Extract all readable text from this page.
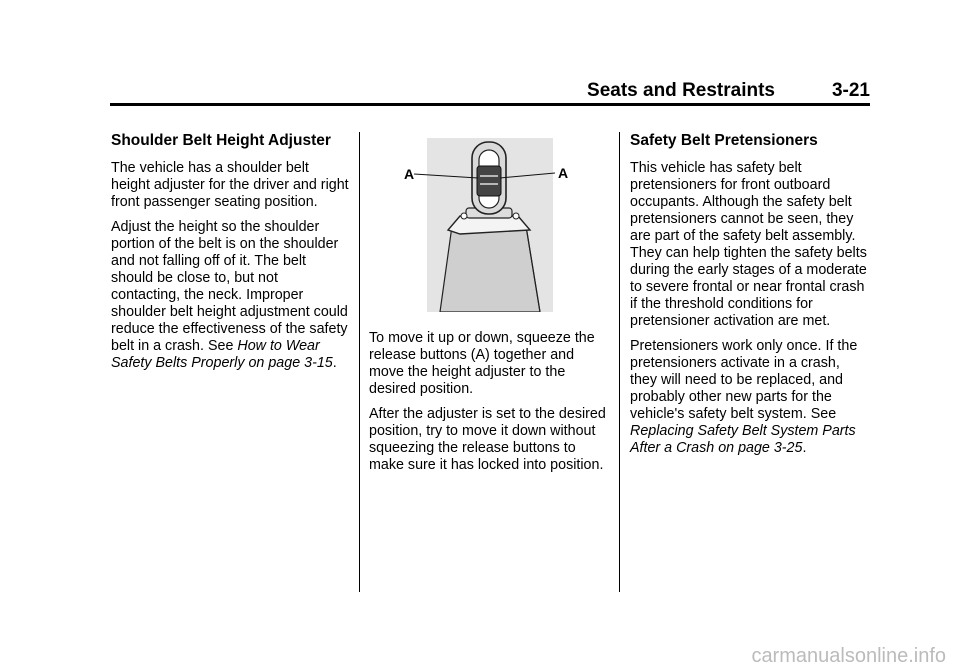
Seats and Restraints	3-21
Shoulder Belt Height Adjuster

The vehicle has a shoulder belt height adjuster for the driver and right front passenger seating position.

Adjust the height so the shoulder portion of the belt is on the shoulder and not falling off of it. The belt should be close to, but not contacting, the neck. Improper shoulder belt height adjustment could reduce the effectiveness of the safety belt in a crash. See How to Wear Safety Belts Properly on page 3-15.

A	A

To move it up or down, squeeze the release buttons (A) together and move the height adjuster to the desired position.

After the adjuster is set to the desired position, try to move it down without squeezing the release buttons to make sure it has locked into position.

Safety Belt Pretensioners

This vehicle has safety belt pretensioners for front outboard occupants. Although the safety belt pretensioners cannot be seen, they are part of the safety belt assembly. They can help tighten the safety belts during the early stages of a moderate to severe frontal or near frontal crash if the threshold conditions for pretensioner activation are met.

Pretensioners work only once. If the pretensioners activate in a crash, they will need to be replaced, and probably other new parts for the vehicle's safety belt system. See Replacing Safety Belt System Parts After a Crash on page 3-25.

carmanualsonline.info
